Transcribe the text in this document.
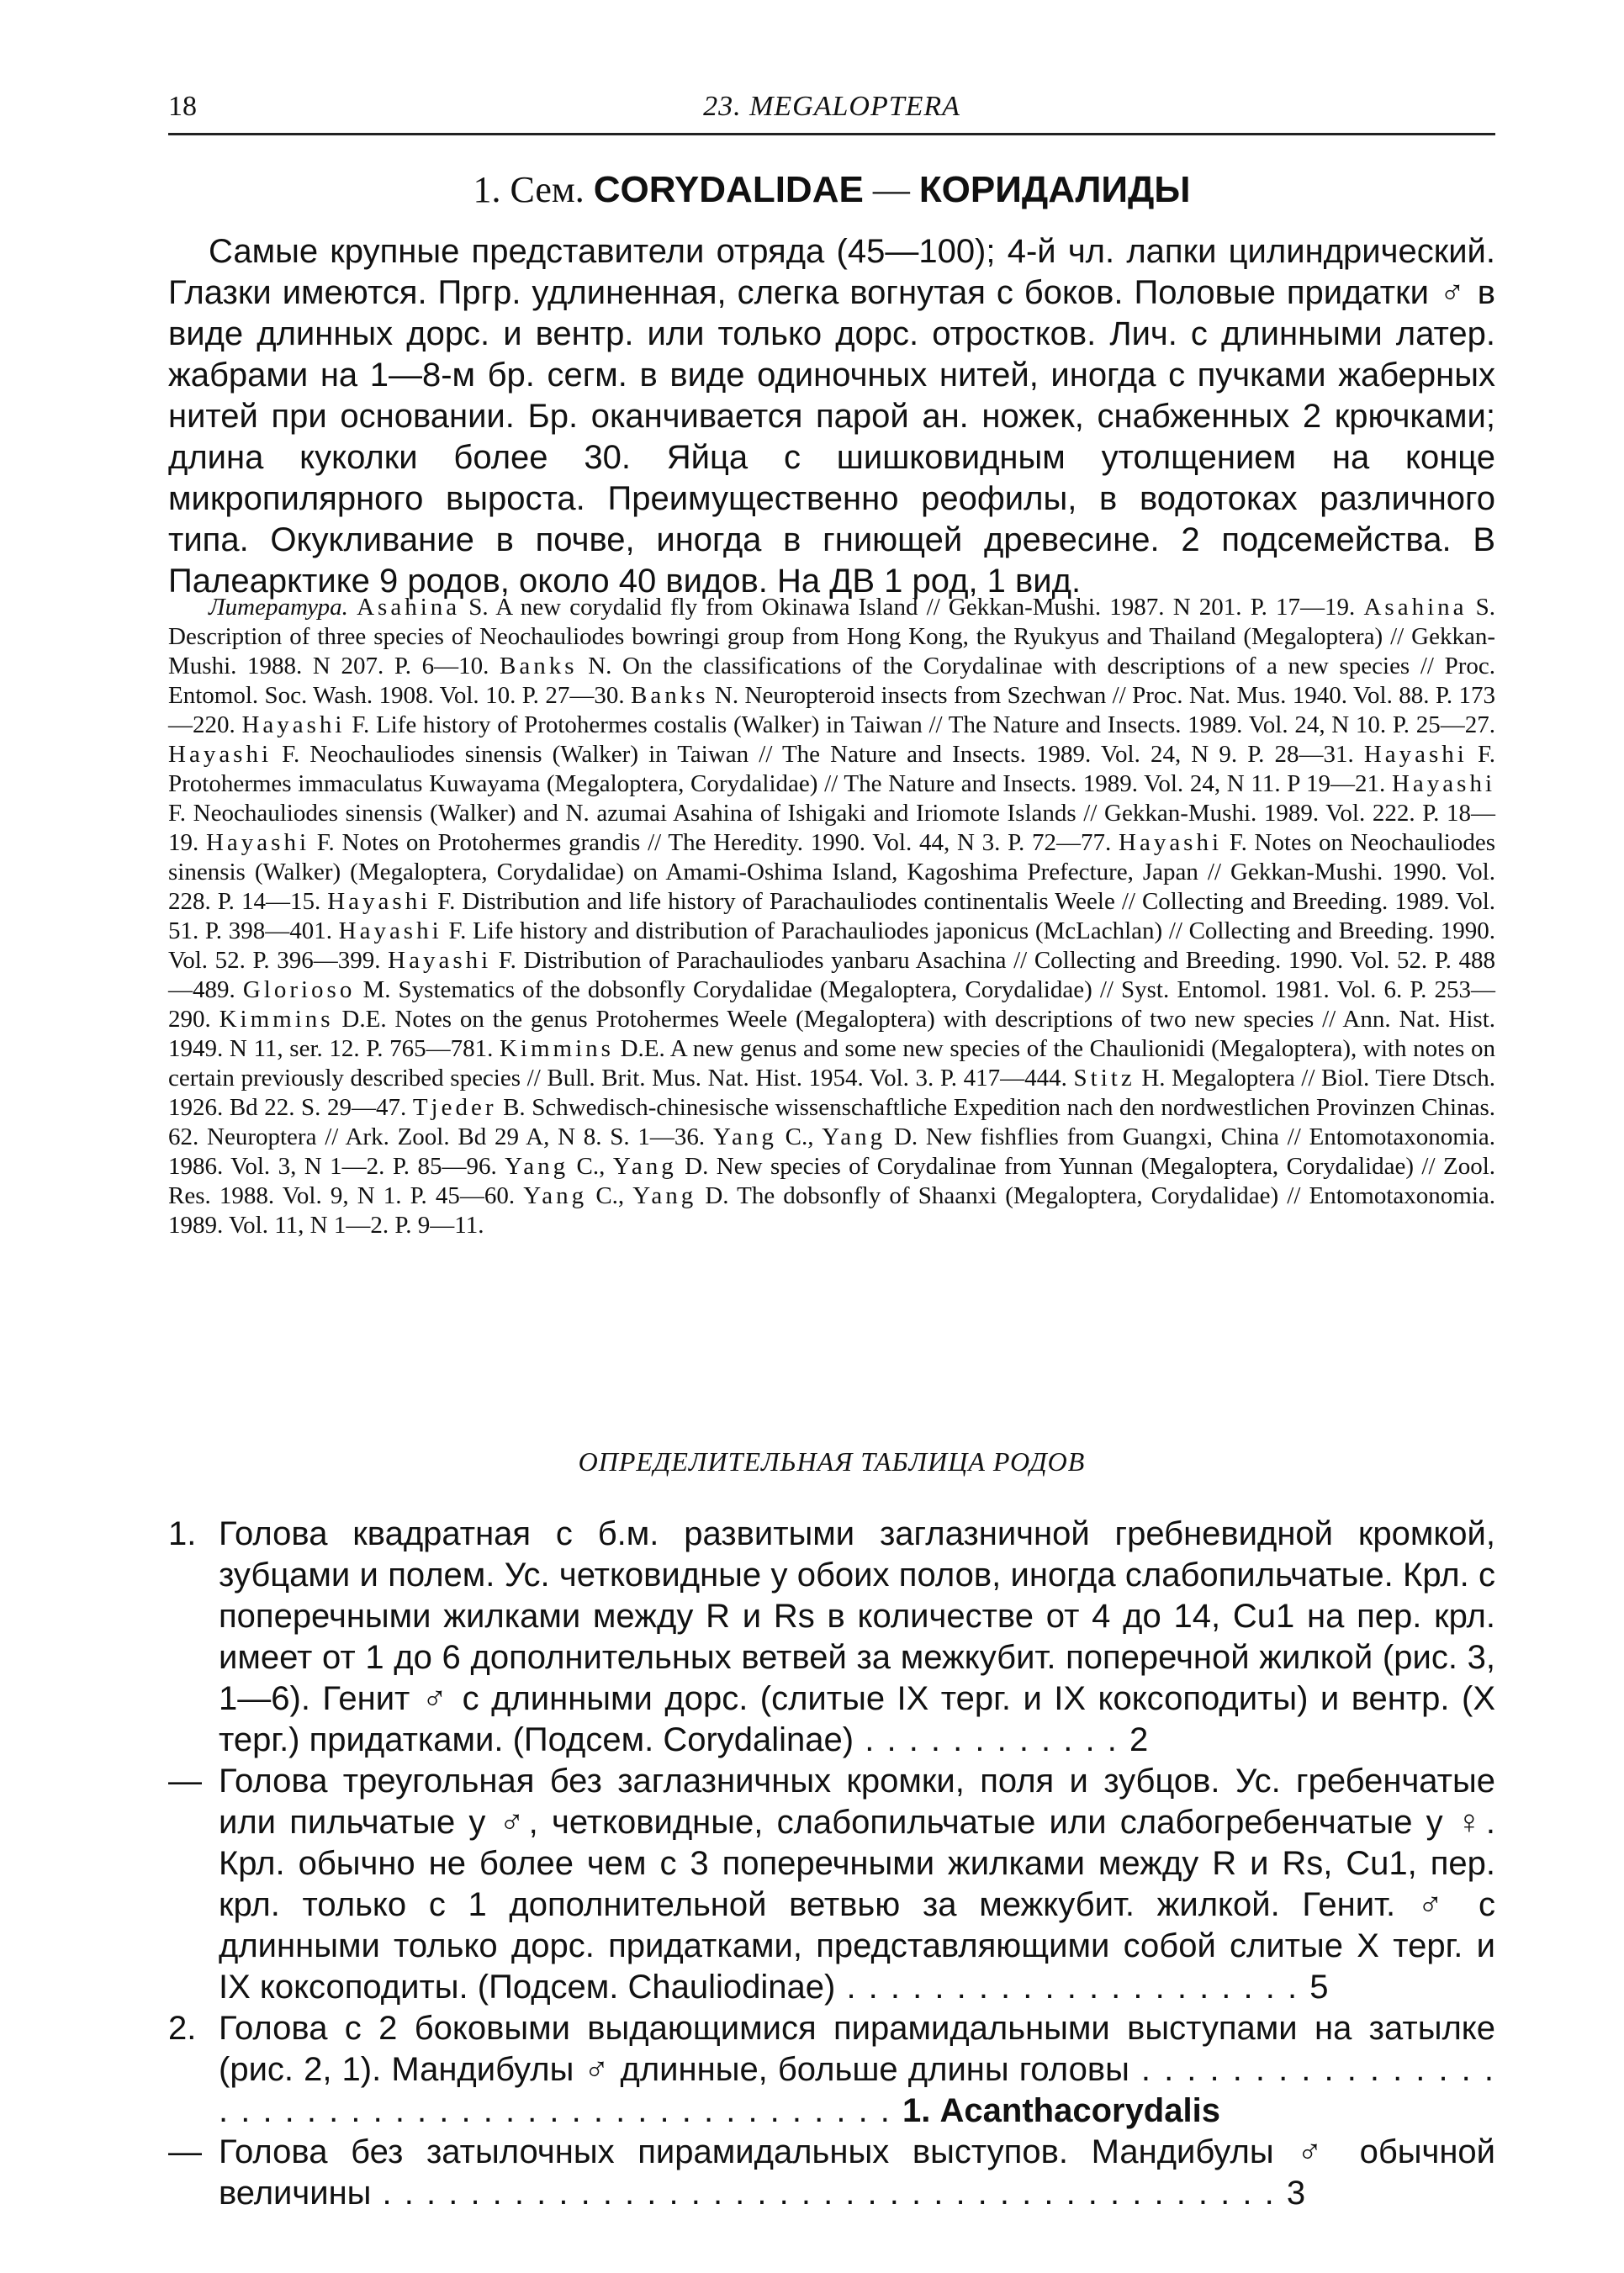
18	23. MEGALOPTERA
1. Сем. CORYDALIDAE — КОРИДАЛИДЫ

Самые крупные представители отряда (45—100); 4-й чл. лапки цилиндрический. Глазки имеются. Пргр. удлиненная, слегка вогнутая с боков. Половые придатки ♂ в виде длинных дорс. и вентр. или только дорс. отростков. Лич. с длинными латер. жабрами на 1—8-м бр. сегм. в виде одиночных нитей, иногда с пучками жаберных нитей при основании. Бр. оканчивается парой ан. ножек, снабженных 2 крючками; длина куколки более 30. Яйца с шишковидным утолщением на конце микропилярного выроста. Преимущественно реофилы, в водотоках различного типа. Окукливание в почве, иногда в гниющей древесине. 2 подсемейства. В Палеарктике 9 родов, около 40 видов. На ДВ 1 род, 1 вид.

Литература. Asahina S. A new corydalid fly from Okinawa Island // Gekkan-Mushi. 1987. N 201. P. 17—19. Asahina S. Description of three species of Neochauliodes bowringi group from Hong Kong, the Ryukyus and Thailand (Megaloptera) // Gekkan-Mushi. 1988. N 207. P. 6—10. Banks N. On the classifications of the Corydalinae with descriptions of a new species // Proc. Entomol. Soc. Wash. 1908. Vol. 10. P. 27—30. Banks N. Neuropteroid insects from Szechwan // Proc. Nat. Mus. 1940. Vol. 88. P. 173—220. Hayashi F. Life history of Protohermes costalis (Walker) in Taiwan // The Nature and Insects. 1989. Vol. 24, N 10. P. 25—27. Hayashi F. Neochauliodes sinensis (Walker) in Taiwan // The Nature and Insects. 1989. Vol. 24, N 9. P. 28—31. Hayashi F. Protohermes immaculatus Kuwayama (Megaloptera, Corydalidae) // The Nature and Insects. 1989. Vol. 24, N 11. P 19—21. Hayashi F. Neochauliodes sinensis (Walker) and N. azumai Asahina of Ishigaki and Iriomote Islands // Gekkan-Mushi. 1989. Vol. 222. P. 18—19. Hayashi F. Notes on Protohermes grandis // The Heredity. 1990. Vol. 44, N 3. P. 72—77. Hayashi F. Notes on Neochauliodes sinensis (Walker) (Megaloptera, Corydalidae) on Amami-Oshima Island, Kagoshima Prefecture, Japan // Gekkan-Mushi. 1990. Vol. 228. P. 14—15. Hayashi F. Distribution and life history of Parachauliodes continentalis Weele // Collecting and Breeding. 1989. Vol. 51. P. 398—401. Hayashi F. Life history and distribution of Parachauliodes japonicus (McLachlan) // Collecting and Breeding. 1990. Vol. 52. P. 396—399. Hayashi F. Distribution of Parachauliodes yanbaru Asachina // Collecting and Breeding. 1990. Vol. 52. P. 488—489. Glorioso M. Systematics of the dobsonfly Corydalidae (Megaloptera, Corydalidae) // Syst. Entomol. 1981. Vol. 6. P. 253—290. Kimmins D.E. Notes on the genus Protohermes Weele (Megaloptera) with descriptions of two new species // Ann. Nat. Hist. 1949. N 11, ser. 12. P. 765—781. Kimmins D.E. A new genus and some new species of the Chaulionidi (Megaloptera), with notes on certain previously described species // Bull. Brit. Mus. Nat. Hist. 1954. Vol. 3. P. 417—444. Stitz H. Megaloptera // Biol. Tiere Dtsch. 1926. Bd 22. S. 29—47. Tjeder B. Schwedisch-chinesische wissenschaftliche Expedition nach den nordwestlichen Provinzen Chinas. 62. Neuroptera // Ark. Zool. Bd 29 A, N 8. S. 1—36. Yang C., Yang D. New fishflies from Guangxi, China // Entomotaxonomia. 1986. Vol. 3, N 1—2. P. 85—96. Yang C., Yang D. New species of Corydalinae from Yunnan (Megaloptera, Corydalidae) // Zool. Res. 1988. Vol. 9, N 1. P. 45—60. Yang C., Yang D. The dobsonfly of Shaanxi (Megaloptera, Corydalidae) // Entomotaxonomia. 1989. Vol. 11, N 1—2. P. 9—11.

ОПРЕДЕЛИТЕЛЬНАЯ ТАБЛИЦА РОДОВ
1. Голова квадратная с б.м. развитыми заглазничной гребневидной кромкой, зубцами и полем. Ус. четковидные у обоих полов, иногда слабопильчатые. Крл. с поперечными жилками между R и Rs в количестве от 4 до 14, Cu1 на пер. крл. имеет от 1 до 6 дополнительных ветвей за межкубит. поперечной жилкой (рис. 3, 1—6). Генит ♂ с длинными дорс. (слитые IX терг. и IX коксоподиты) и вентр. (X терг.) придатками. (Подсем. Corydalinae) . . . . . . . . . . . . 2
— Голова треугольная без заглазничных кромки, поля и зубцов. Ус. гребенчатые или пильчатые у ♂, четковидные, слабопильчатые или слабогребенчатые у ♀. Крл. обычно не более чем с 3 поперечными жилками между R и Rs, Cu1, пер. крл. только с 1 дополнительной ветвью за межкубит. жилкой. Генит. ♂ с длинными только дорс. придатками, представляющими собой слитые X терг. и IX коксоподиты. (Подсем. Chauliodinae) . . . . . . . . . . . . . . . . . . . . . 5
2. Голова с 2 боковыми выдающимися пирамидальными выступами на затылке (рис. 2, 1). Мандибулы ♂ длинные, больше длины головы . . . . . . . . . . . . . . . . . . . . . . . . . . . . . . . . . . . . . . . . . . . . . . . 1. Acanthacorydalis
— Голова без затылочных пирамидальных выступов. Мандибулы ♂ обычной величины . . . . . . . . . . . . . . . . . . . . . . . . . . . . . . . . . . . . . . . . . 3
